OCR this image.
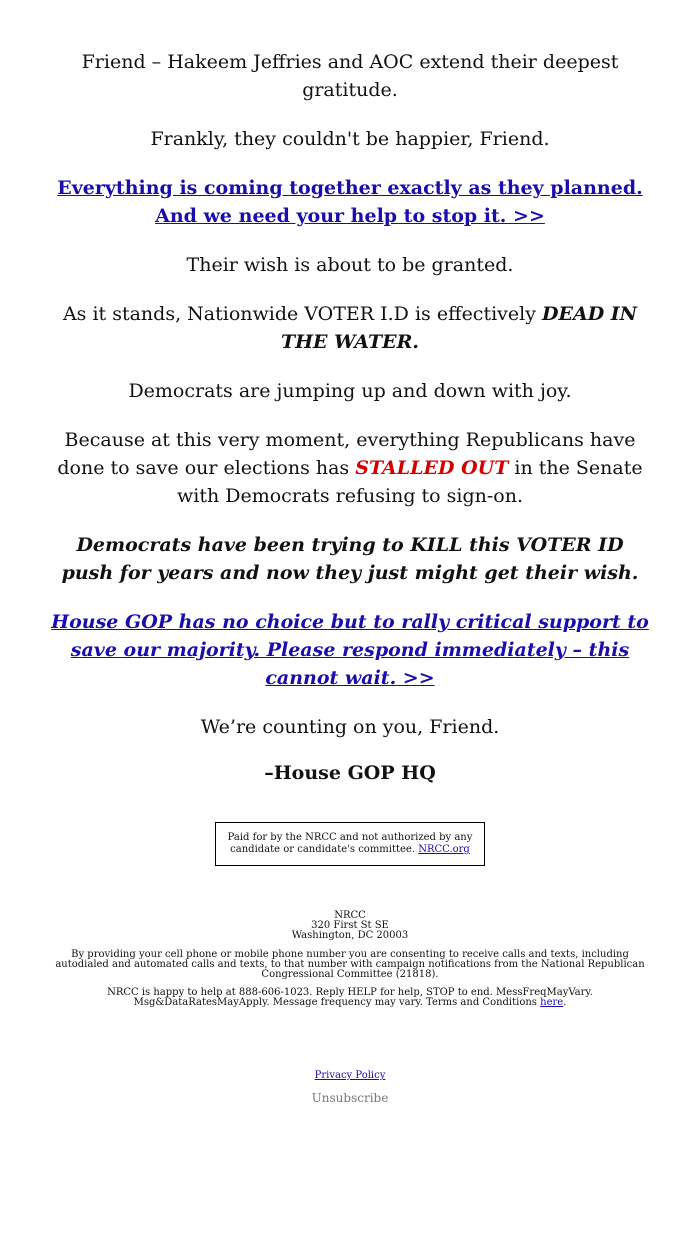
Friend – Hakeem Jeffries and AOC extend their deepest gratitude.

Frankly, they couldn't be happier, Friend.

Everything is coming together exactly as they planned. And we need your help to stop it. >>

Their wish is about to be granted.

As it stands, Nationwide VOTER I.D is effectively DEAD IN THE WATER.

Democrats are jumping up and down with joy.

Because at this very moment, everything Republicans have done to save our elections has STALLED OUT in the Senate with Democrats refusing to sign-on.

Democrats have been trying to KILL this VOTER ID push for years and now they just might get their wish.

House GOP has no choice but to rally critical support to save our majority. Please respond immediately – this cannot wait. >>

We’re counting on you, Friend.

–House GOP HQ

Paid for by the NRCC and not authorized by any candidate or candidate's committee. NRCC.org
NRCC
320 First St SE
Washington, DC 20003

By providing your cell phone or mobile phone number you are consenting to receive calls and texts, including autodialed and automated calls and texts, to that number with campaign notifications from the National Republican Congressional Committee (21818).

NRCC is happy to help at 888-606-1023. Reply HELP for help, STOP to end. MessFreqMayVary. Msg&DataRatesMayApply. Message frequency may vary. Terms and Conditions here.

Privacy Policy

Unsubscribe
